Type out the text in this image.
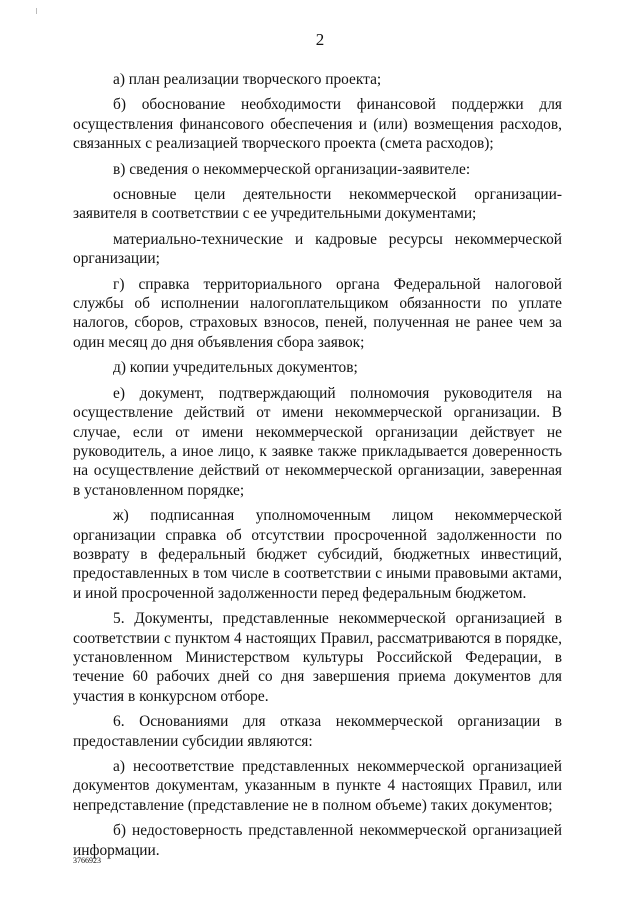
2

а) план реализации творческого проекта;

б) обоснование необходимости финансовой поддержки для осуществления финансового обеспечения и (или) возмещения расходов, связанных с реализацией творческого проекта (смета расходов);

в) сведения о некоммерческой организации-заявителе:

основные цели деятельности некоммерческой организации-заявителя в соответствии с ее учредительными документами;

материально-технические и кадровые ресурсы некоммерческой организации;

г) справка территориального органа Федеральной налоговой службы об исполнении налогоплательщиком обязанности по уплате налогов, сборов, страховых взносов, пеней, полученная не ранее чем за один месяц до дня объявления сбора заявок;

д) копии учредительных документов;

е) документ, подтверждающий полномочия руководителя на осуществление действий от имени некоммерческой организации. В случае, если от имени некоммерческой организации действует не руководитель, а иное лицо, к заявке также прикладывается доверенность на осуществление действий от некоммерческой организации, заверенная в установленном порядке;

ж) подписанная уполномоченным лицом некоммерческой организации справка об отсутствии просроченной задолженности по возврату в федеральный бюджет субсидий, бюджетных инвестиций, предоставленных в том числе в соответствии с иными правовыми актами, и иной просроченной задолженности перед федеральным бюджетом.

5. Документы, представленные некоммерческой организацией в соответствии с пунктом 4 настоящих Правил, рассматриваются в порядке, установленном Министерством культуры Российской Федерации, в течение 60 рабочих дней со дня завершения приема документов для участия в конкурсном отборе.

6. Основаниями для отказа некоммерческой организации в предоставлении субсидии являются:

а) несоответствие представленных некоммерческой организацией документов документам, указанным в пункте 4 настоящих Правил, или непредставление (представление не в полном объеме) таких документов;

б) недостоверность представленной некоммерческой организацией информации.

3766923
